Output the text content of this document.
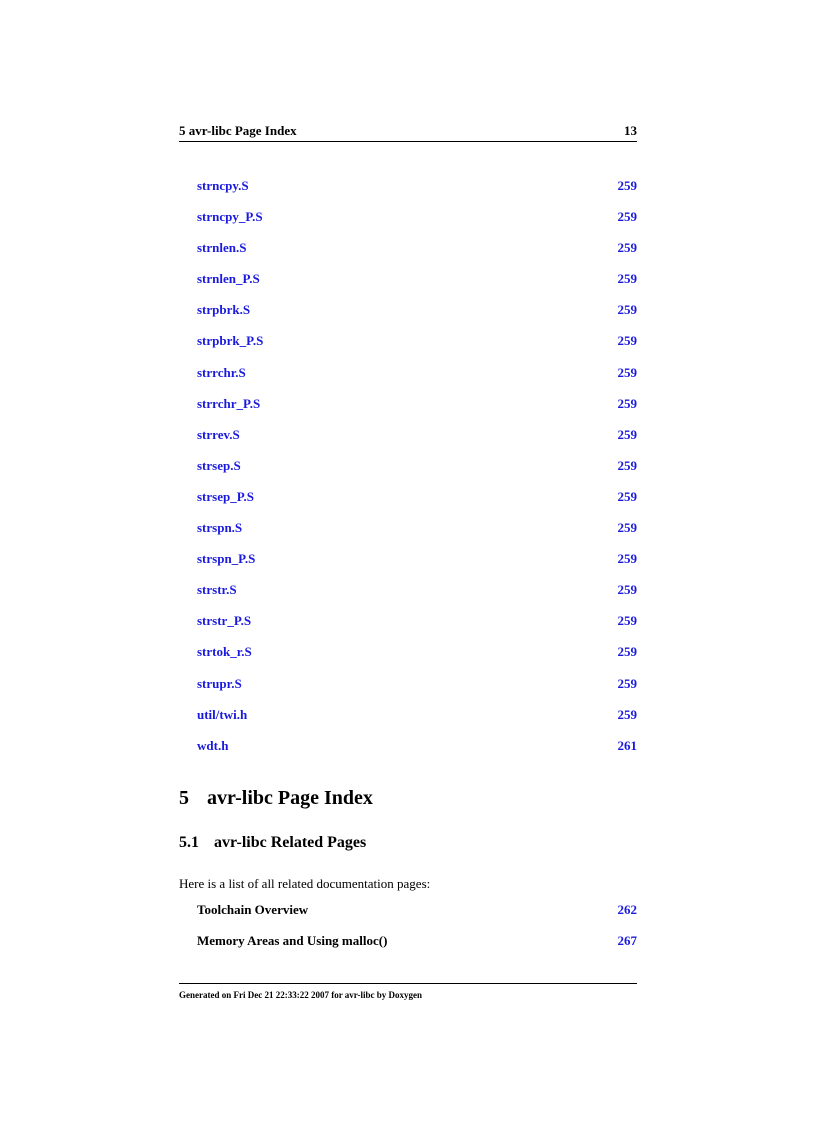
5 avr-libc Page Index	13
strncpy.S	259
strncpy_P.S	259
strnlen.S	259
strnlen_P.S	259
strpbrk.S	259
strpbrk_P.S	259
strrchr.S	259
strrchr_P.S	259
strrev.S	259
strsep.S	259
strsep_P.S	259
strspn.S	259
strspn_P.S	259
strstr.S	259
strstr_P.S	259
strtok_r.S	259
strupr.S	259
util/twi.h	259
wdt.h	261
5 avr-libc Page Index
5.1 avr-libc Related Pages
Here is a list of all related documentation pages:
Toolchain Overview	262
Memory Areas and Using malloc()	267
Generated on Fri Dec 21 22:33:22 2007 for avr-libc by Doxygen
